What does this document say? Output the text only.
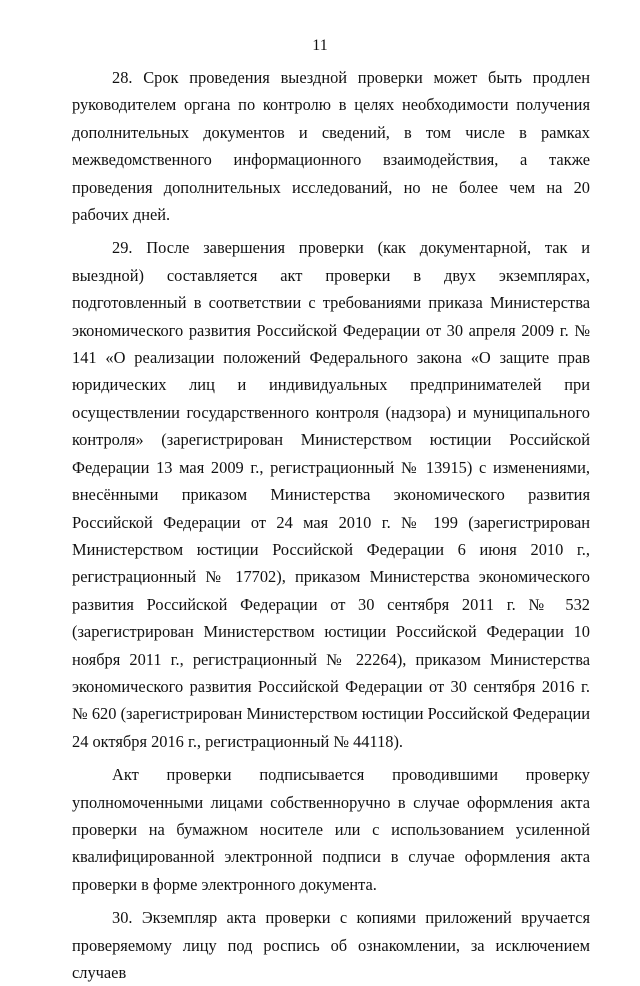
11

28. Срок проведения выездной проверки может быть продлен руководителем органа по контролю в целях необходимости получения дополнительных документов и сведений, в том числе в рамках межведомственного информационного взаимодействия, а также проведения дополнительных исследований, но не более чем на 20 рабочих дней.

29. После завершения проверки (как документарной, так и выездной) составляется акт проверки в двух экземплярах, подготовленный в соответствии с требованиями приказа Министерства экономического развития Российской Федерации от 30 апреля 2009 г. № 141 «О реализации положений Федерального закона «О защите прав юридических лиц и индивидуальных предпринимателей при осуществлении государственного контроля (надзора) и муниципального контроля» (зарегистрирован Министерством юстиции Российской Федерации 13 мая 2009 г., регистрационный № 13915) с изменениями, внесёнными приказом Министерства экономического развития Российской Федерации от 24 мая 2010 г. № 199 (зарегистрирован Министерством юстиции Российской Федерации 6 июня 2010 г., регистрационный № 17702), приказом Министерства экономического развития Российской Федерации от 30 сентября 2011 г. № 532 (зарегистрирован Министерством юстиции Российской Федерации 10 ноября 2011 г., регистрационный № 22264), приказом Министерства экономического развития Российской Федерации от 30 сентября 2016 г. № 620 (зарегистрирован Министерством юстиции Российской Федерации 24 октября 2016 г., регистрационный № 44118).

Акт проверки подписывается проводившими проверку уполномоченными лицами собственноручно в случае оформления акта проверки на бумажном носителе или с использованием усиленной квалифицированной электронной подписи в случае оформления акта проверки в форме электронного документа.

30. Экземпляр акта проверки с копиями приложений вручается проверяемому лицу под роспись об ознакомлении, за исключением случаев
